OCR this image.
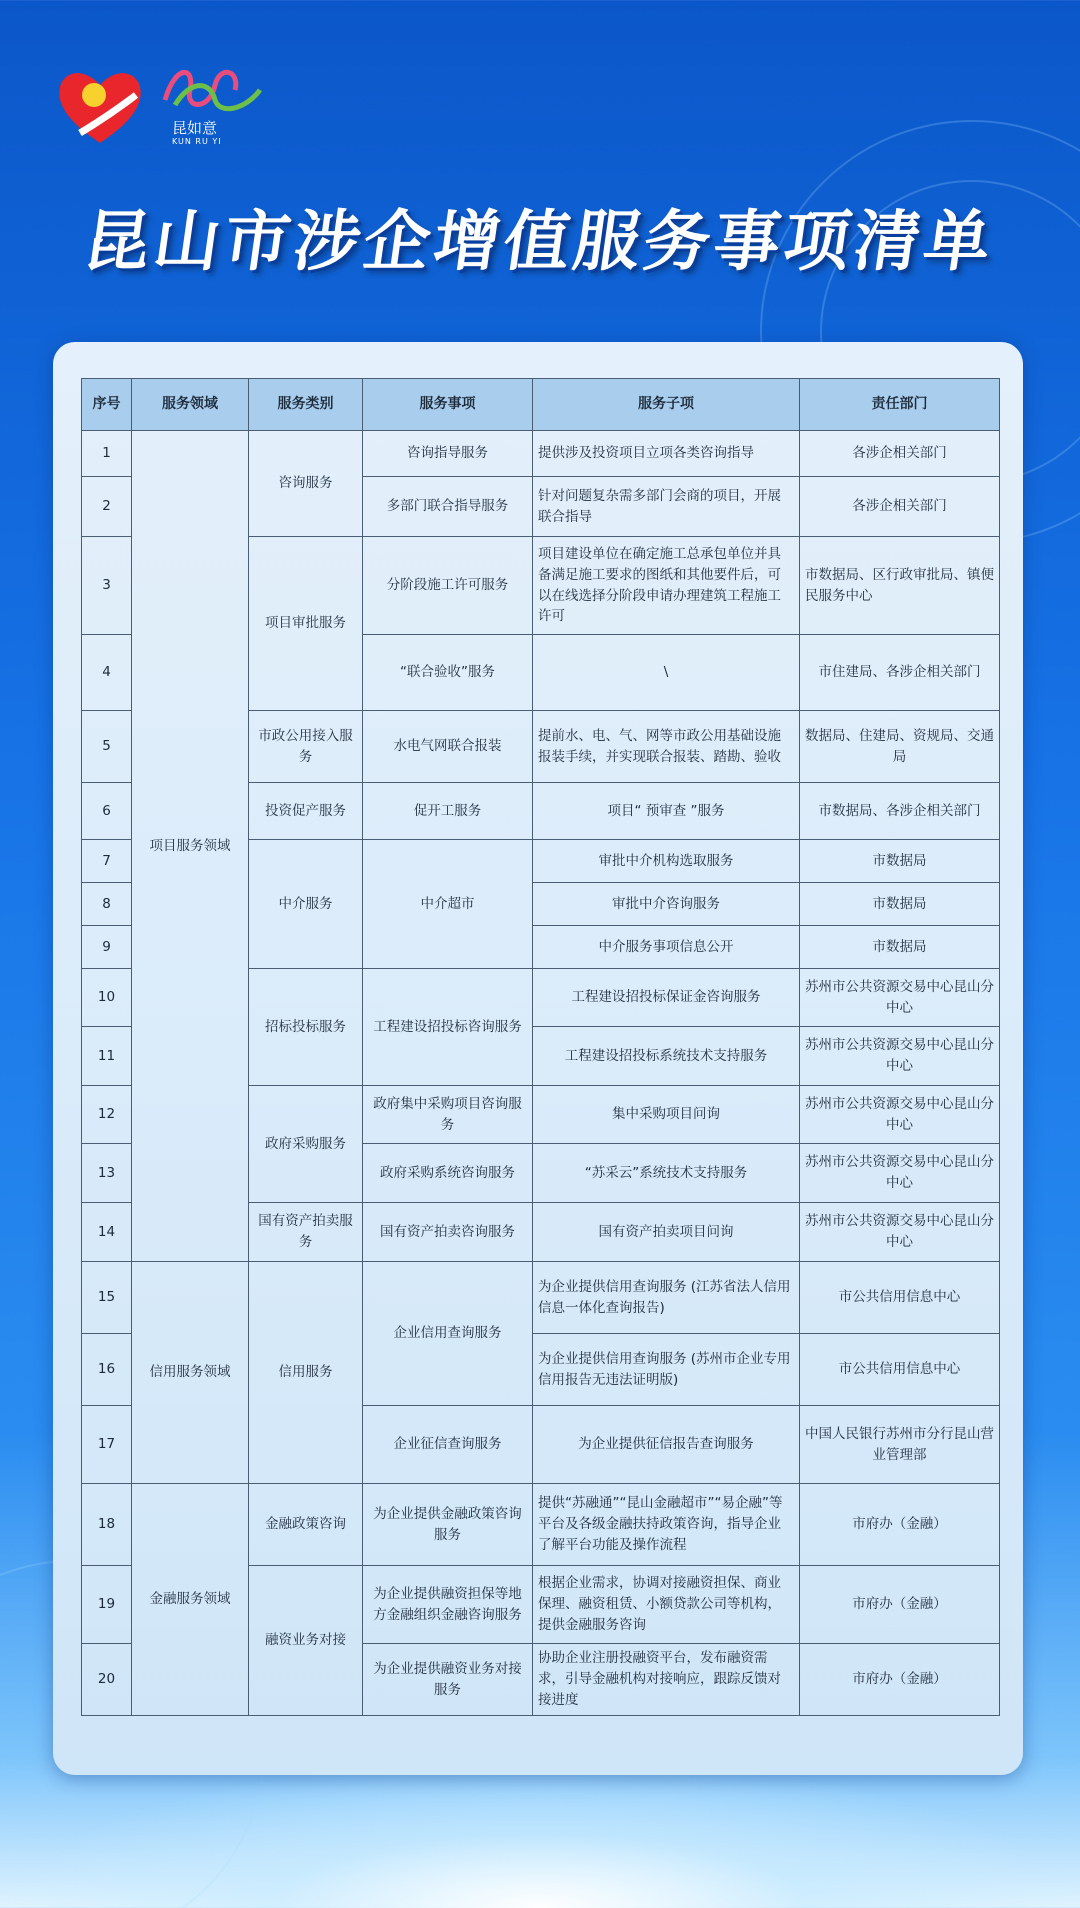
昆如意
KUN RU YI
昆山市涉企增值服务事项清单
序号	服务领域	服务类别	服务事项	服务子项	责任部门
1	项目服务领域	咨询服务	咨询指导服务	提供涉及投资项目立项各类咨询指导	各涉企相关部门
2			多部门联合指导服务	针对问题复杂需多部门会商的项目，开展联合指导	各涉企相关部门
3		项目审批服务	分阶段施工许可服务	项目建设单位在确定施工总承包单位并具备满足施工要求的图纸和其他要件后，可以在线选择分阶段申请办理建筑工程施工许可	市数据局、区行政审批局、镇便民服务中心
4			“联合验收”服务	\	市住建局、各涉企相关部门
5		市政公用接入服务	水电气网联合报装	提前水、电、气、网等市政公用基础设施报装手续，并实现联合报装、踏勘、验收	数据局、住建局、资规局、交通局
6		投资促产服务	促开工服务	项目“ 预审查 ”服务	市数据局、各涉企相关部门
7		中介服务	中介超市	审批中介机构选取服务	市数据局
8				审批中介咨询服务	市数据局
9				中介服务事项信息公开	市数据局
10		招标投标服务	工程建设招投标咨询服务	工程建设招投标保证金咨询服务	苏州市公共资源交易中心昆山分中心
11				工程建设招投标系统技术支持服务	苏州市公共资源交易中心昆山分中心
12		政府采购服务	政府集中采购项目咨询服务	集中采购项目问询	苏州市公共资源交易中心昆山分中心
13			政府采购系统咨询服务	“苏采云”系统技术支持服务	苏州市公共资源交易中心昆山分中心
14		国有资产拍卖服务	国有资产拍卖咨询服务	国有资产拍卖项目问询	苏州市公共资源交易中心昆山分中心
15	信用服务领域	信用服务	企业信用查询服务	为企业提供信用查询服务 (江苏省法人信用信息一体化查询报告)	市公共信用信息中心
16				为企业提供信用查询服务 (苏州市企业专用信用报告无违法证明版)	市公共信用信息中心
17			企业征信查询服务	为企业提供征信报告查询服务	中国人民银行苏州市分行昆山营业管理部
18	金融服务领域	金融政策咨询	为企业提供金融政策咨询服务	提供“苏融通”“昆山金融超市”“易企融”等平台及各级金融扶持政策咨询，指导企业了解平台功能及操作流程	市府办（金融）
19		融资业务对接	为企业提供融资担保等地方金融组织金融咨询服务	根据企业需求，协调对接融资担保、商业保理、融资租赁、小额贷款公司等机构，提供金融服务咨询	市府办（金融）
20			为企业提供融资业务对接服务	协助企业注册投融资平台，发布融资需求，引导金融机构对接响应，跟踪反馈对接进度	市府办（金融）
